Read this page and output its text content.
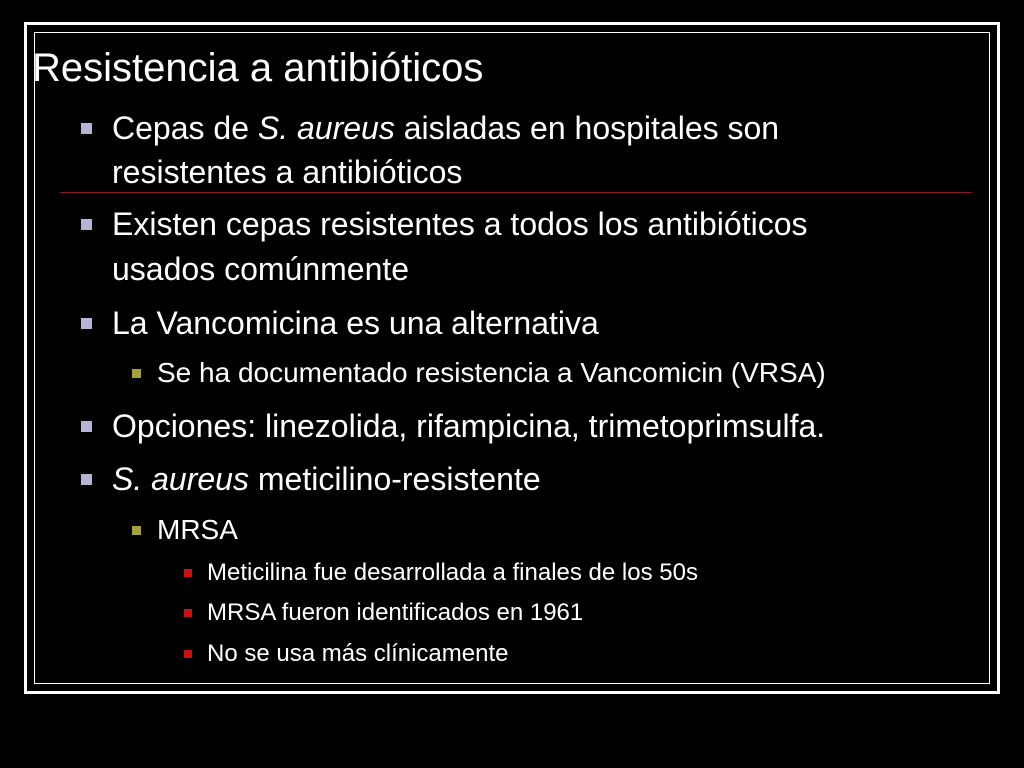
Resistencia a antibióticos
Cepas de S. aureus aisladas en hospitales son
resistentes a antibióticos
Existen cepas resistentes a todos los antibióticos
usados comúnmente
La Vancomicina es una alternativa
Se ha documentado resistencia a Vancomicin (VRSA)
Opciones: linezolida, rifampicina, trimetoprimsulfa.
S. aureus meticilino-resistente
MRSA
Meticilina fue desarrollada a finales de los 50s
MRSA fueron identificados en 1961
No se usa más clínicamente
